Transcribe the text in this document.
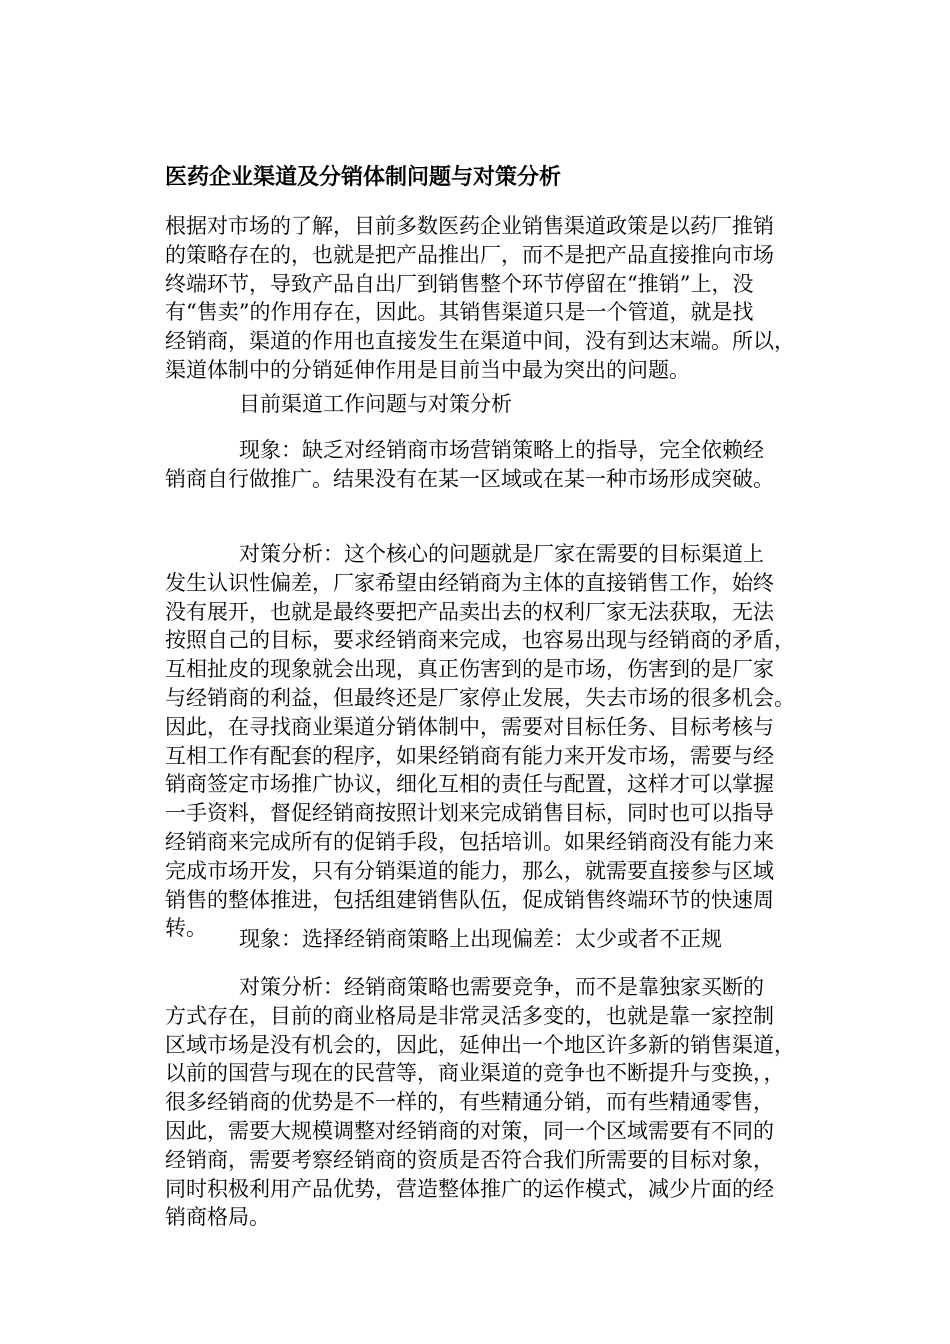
医药企业渠道及分销体制问题与对策分析
根据对市场的了解，目前多数医药企业销售渠道政策是以药厂推销
的策略存在的，也就是把产品推出厂，而不是把产品直接推向市场
终端环节，导致产品自出厂到销售整个环节停留在“推销”上，没
有“售卖”的作用存在，因此。其销售渠道只是一个管道，就是找
经销商，渠道的作用也直接发生在渠道中间，没有到达末端。所以，
渠道体制中的分销延伸作用是目前当中最为突出的问题。
目前渠道工作问题与对策分析
现象：缺乏对经销商市场营销策略上的指导，完全依赖经
销商自行做推广。结果没有在某一区域或在某一种市场形成突破。
对策分析：这个核心的问题就是厂家在需要的目标渠道上
发生认识性偏差，厂家希望由经销商为主体的直接销售工作，始终
没有展开，也就是最终要把产品卖出去的权利厂家无法获取，无法
按照自己的目标，要求经销商来完成，也容易出现与经销商的矛盾，
互相扯皮的现象就会出现，真正伤害到的是市场，伤害到的是厂家
与经销商的利益，但最终还是厂家停止发展，失去市场的很多机会。
因此，在寻找商业渠道分销体制中，需要对目标任务、目标考核与
互相工作有配套的程序，如果经销商有能力来开发市场，需要与经
销商签定市场推广协议，细化互相的责任与配置，这样才可以掌握
一手资料，督促经销商按照计划来完成销售目标，同时也可以指导
经销商来完成所有的促销手段，包括培训。如果经销商没有能力来
完成市场开发，只有分销渠道的能力，那么，就需要直接参与区域
销售的整体推进，包括组建销售队伍，促成销售终端环节的快速周
转。	现象：选择经销商策略上出现偏差：太少或者不正规
对策分析：经销商策略也需要竞争，而不是靠独家买断的
方式存在，目前的商业格局是非常灵活多变的，也就是靠一家控制
区域市场是没有机会的，因此，延伸出一个地区许多新的销售渠道，
以前的国营与现在的民营等，商业渠道的竞争也不断提升与变换，，
很多经销商的优势是不一样的，有些精通分销，而有些精通零售，
因此，需要大规模调整对经销商的对策，同一个区域需要有不同的
经销商，需要考察经销商的资质是否符合我们所需要的目标对象，
同时积极利用产品优势，营造整体推广的运作模式，减少片面的经
销商格局。
